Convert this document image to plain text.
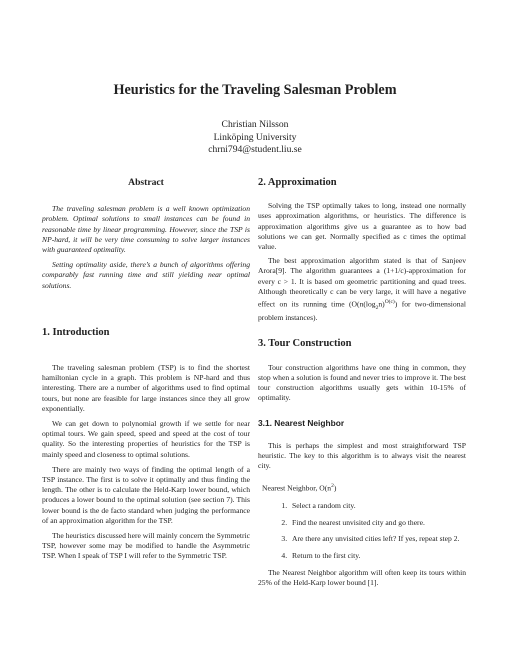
Heuristics for the Traveling Salesman Problem
Christian Nilsson
Linköping University
chrni794@student.liu.se
Abstract

The traveling salesman problem is a well known optimization problem. Optimal solutions to small instances can be found in reasonable time by linear programming. However, since the TSP is NP-hard, it will be very time consuming to solve larger instances with guaranteed optimality.

Setting optimality aside, there’s a bunch of algorithms offering comparably fast running time and still yielding near optimal solutions.

1. Introduction

The traveling salesman problem (TSP) is to find the shortest hamiltonian cycle in a graph. This problem is NP-hard and thus interesting. There are a number of algorithms used to find optimal tours, but none are feasible for large instances since they all grow exponentially.

We can get down to polynomial growth if we settle for near optimal tours. We gain speed, speed and speed at the cost of tour quality. So the interesting properties of heuristics for the TSP is mainly speed and closeness to optimal solutions.

There are mainly two ways of finding the optimal length of a TSP instance. The first is to solve it optimally and thus finding the length. The other is to calculate the Held-Karp lower bound, which produces a lower bound to the optimal solution (see section 7). This lower bound is the de facto standard when judging the performance of an approximation algorithm for the TSP.

The heuristics discussed here will mainly concern the Symmetric TSP, however some may be modified to handle the Asymmetric TSP. When I speak of TSP I will refer to the Symmetric TSP.

2. Approximation

Solving the TSP optimally takes to long, instead one normally uses approximation algorithms, or heuristics. The difference is approximation algorithms give us a guarantee as to how bad solutions we can get. Normally specified as c times the optimal value.

The best approximation algorithm stated is that of Sanjeev Arora[9]. The algorithm guarantees a (1+1/c)-approximation for every c > 1. It is based om geometric partitioning and quad trees. Although theoretically c can be very large, it will have a negative effect on its running time ($O(n(\log_2n)^{O(c)})$ for two-dimensional problem instances).

3. Tour Construction

Tour construction algorithms have one thing in common, they stop when a solution is found and never tries to improve it. The best tour construction algorithms usually gets within 10-15% of optimality.

3.1. Nearest Neighbor

This is perhaps the simplest and most straightforward TSP heuristic. The key to this algorithm is to always visit the nearest city.

Nearest Neighbor, $O(n^2)$

1. Select a random city.
2. Find the nearest unvisited city and go there.
3. Are there any unvisited cities left? If yes, repeat step 2.
4. Return to the first city.

The Nearest Neighbor algorithm will often keep its tours within 25% of the Held-Karp lower bound [1].
